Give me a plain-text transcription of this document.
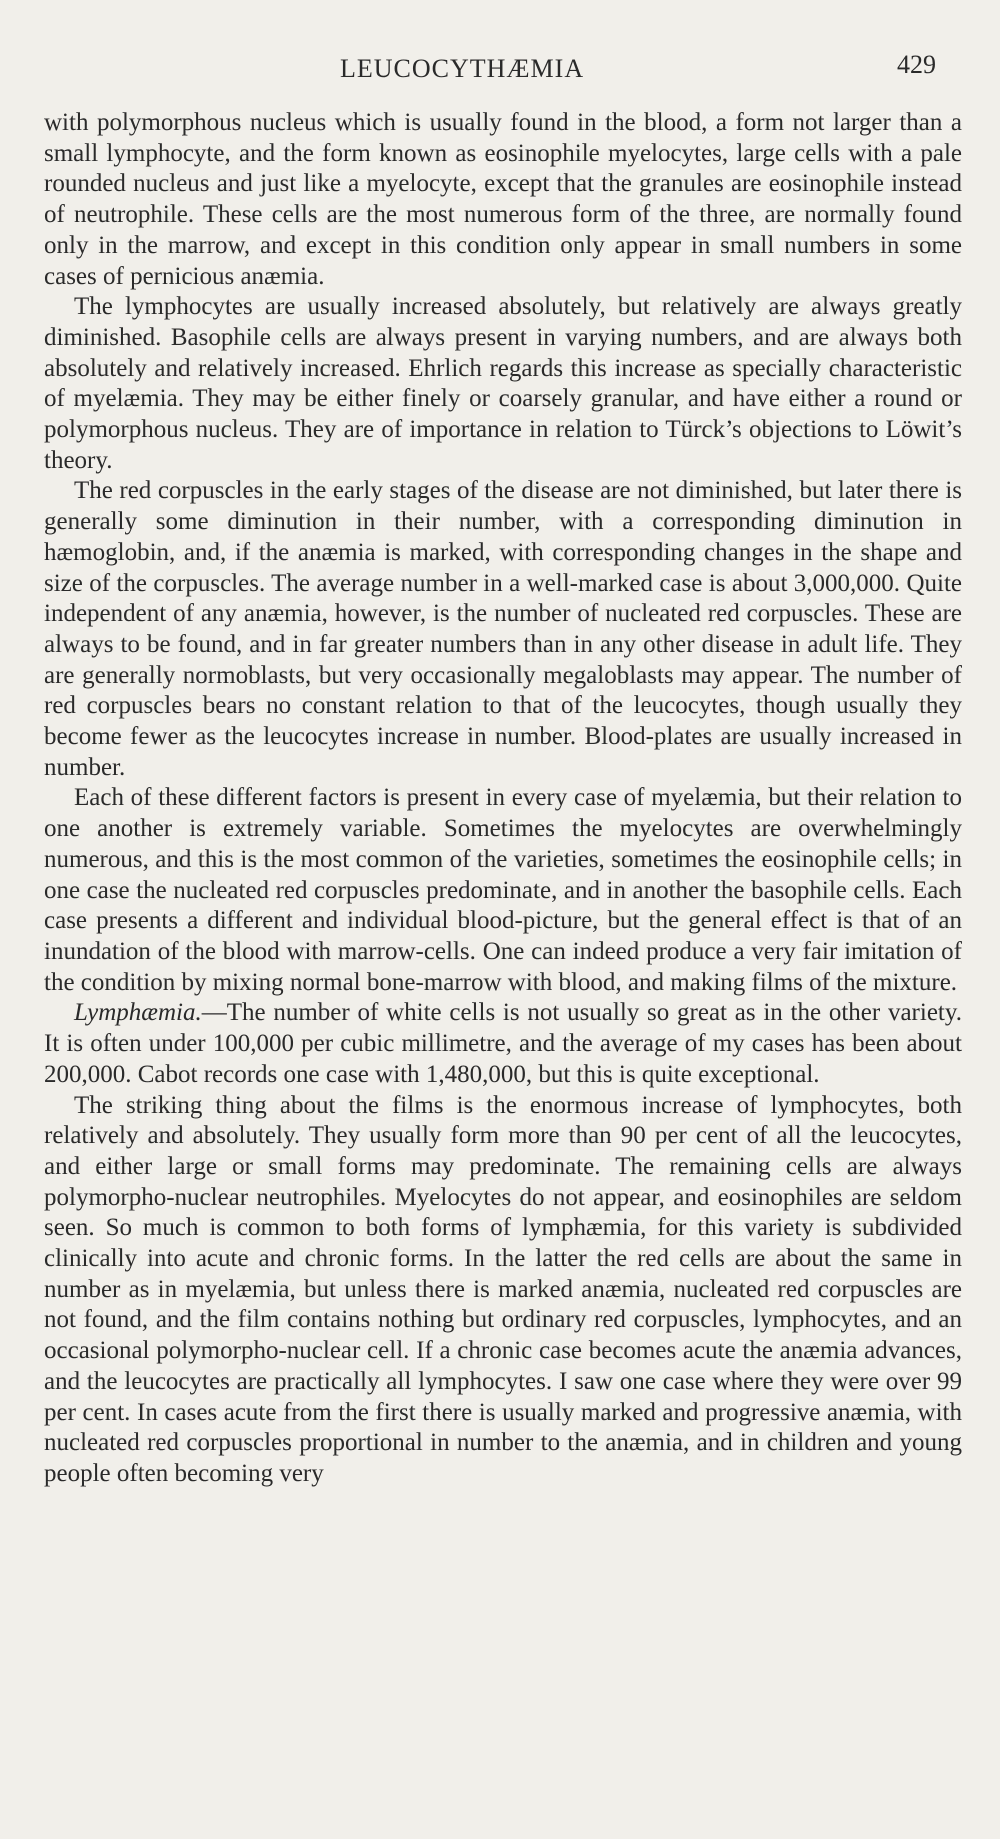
LEUCOCYTHÆMIA	429

with polymorphous nucleus which is usually found in the blood, a form not larger than a small lymphocyte, and the form known as eosinophile myelocytes, large cells with a pale rounded nucleus and just like a myelocyte, except that the granules are eosinophile instead of neutrophile. These cells are the most numerous form of the three, are normally found only in the marrow, and except in this condition only appear in small numbers in some cases of pernicious anæmia.

The lymphocytes are usually increased absolutely, but relatively are always greatly diminished. Basophile cells are always present in varying numbers, and are always both absolutely and relatively increased. Ehrlich regards this increase as specially characteristic of myelæmia. They may be either finely or coarsely granular, and have either a round or polymorphous nucleus. They are of importance in relation to Türck’s objections to Löwit’s theory.

The red corpuscles in the early stages of the disease are not diminished, but later there is generally some diminution in their number, with a corresponding diminution in hæmoglobin, and, if the anæmia is marked, with corresponding changes in the shape and size of the corpuscles. The average number in a well-marked case is about 3,000,000. Quite independent of any anæmia, however, is the number of nucleated red corpuscles. These are always to be found, and in far greater numbers than in any other disease in adult life. They are generally normoblasts, but very occasionally megaloblasts may appear. The number of red corpuscles bears no constant relation to that of the leucocytes, though usually they become fewer as the leucocytes increase in number. Blood-plates are usually increased in number.

Each of these different factors is present in every case of myelæmia, but their relation to one another is extremely variable. Sometimes the myelocytes are overwhelmingly numerous, and this is the most common of the varieties, sometimes the eosinophile cells; in one case the nucleated red corpuscles predominate, and in another the basophile cells. Each case presents a different and individual blood-picture, but the general effect is that of an inundation of the blood with marrow-cells. One can indeed produce a very fair imitation of the condition by mixing normal bone-marrow with blood, and making films of the mixture.

Lymphæmia.—The number of white cells is not usually so great as in the other variety. It is often under 100,000 per cubic millimetre, and the average of my cases has been about 200,000. Cabot records one case with 1,480,000, but this is quite exceptional.

The striking thing about the films is the enormous increase of lymphocytes, both relatively and absolutely. They usually form more than 90 per cent of all the leucocytes, and either large or small forms may predominate. The remaining cells are always polymorpho-nuclear neutrophiles. Myelocytes do not appear, and eosinophiles are seldom seen. So much is common to both forms of lymphæmia, for this variety is subdivided clinically into acute and chronic forms. In the latter the red cells are about the same in number as in myelæmia, but unless there is marked anæmia, nucleated red corpuscles are not found, and the film contains nothing but ordinary red corpuscles, lymphocytes, and an occasional polymorpho-nuclear cell. If a chronic case becomes acute the anæmia advances, and the leucocytes are practically all lymphocytes. I saw one case where they were over 99 per cent. In cases acute from the first there is usually marked and progressive anæmia, with nucleated red corpuscles proportional in number to the anæmia, and in children and young people often becoming very
